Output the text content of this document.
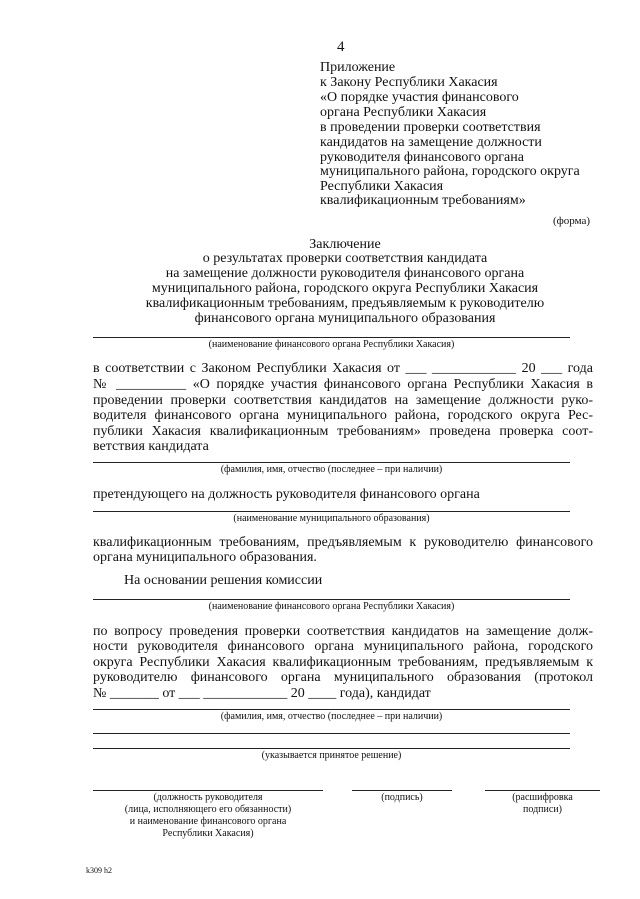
4
Приложение
к Закону Республики Хакасия
«О порядке участия финансового
органа Республики Хакасия
в проведении проверки соответствия
кандидатов на замещение должности
руководителя финансового органа
муниципального района, городского округа
Республики Хакасия
квалификационным требованиям»
(форма)
Заключение
о результатах проверки соответствия кандидата
на замещение должности руководителя финансового органа
муниципального района, городского округа Республики Хакасия
квалификационным требованиям, предъявляемым к руководителю
финансового органа муниципального образования
(наименование финансового органа Республики Хакасия)
в соответствии с Законом Республики Хакасия от ___ ____________ 20 ___ года
№ __________ «О порядке участия финансового органа Республики Хакасия в
проведении проверки соответствия кандидатов на замещение должности руко-
водителя финансового органа муниципального района, городского округа Рес-
публики Хакасия квалификационным требованиям» проведена проверка соот-
ветствия кандидата
(фамилия, имя, отчество (последнее – при наличии)
претендующего на должность руководителя финансового органа
(наименование муниципального образования)
квалификационным требованиям, предъявляемым к руководителю финансового
органа муниципального образования.
На основании решения комиссии
(наименование финансового органа Республики Хакасия)
по вопросу проведения проверки соответствия кандидатов на замещение долж-
ности руководителя финансового органа муниципального района, городского
округа Республики Хакасия квалификационным требованиям, предъявляемым к
руководителю финансового органа муниципального образования (протокол
№ _______ от ___ ____________ 20 ____ года), кандидат
(фамилия, имя, отчество (последнее – при наличии)
(указывается принятое решение)
(должность руководителя
(лица, исполняющего его обязанности)
и наименование финансового органа
Республики Хакасия)
(подпись)	(расшифровка
подписи)
k309 h2
